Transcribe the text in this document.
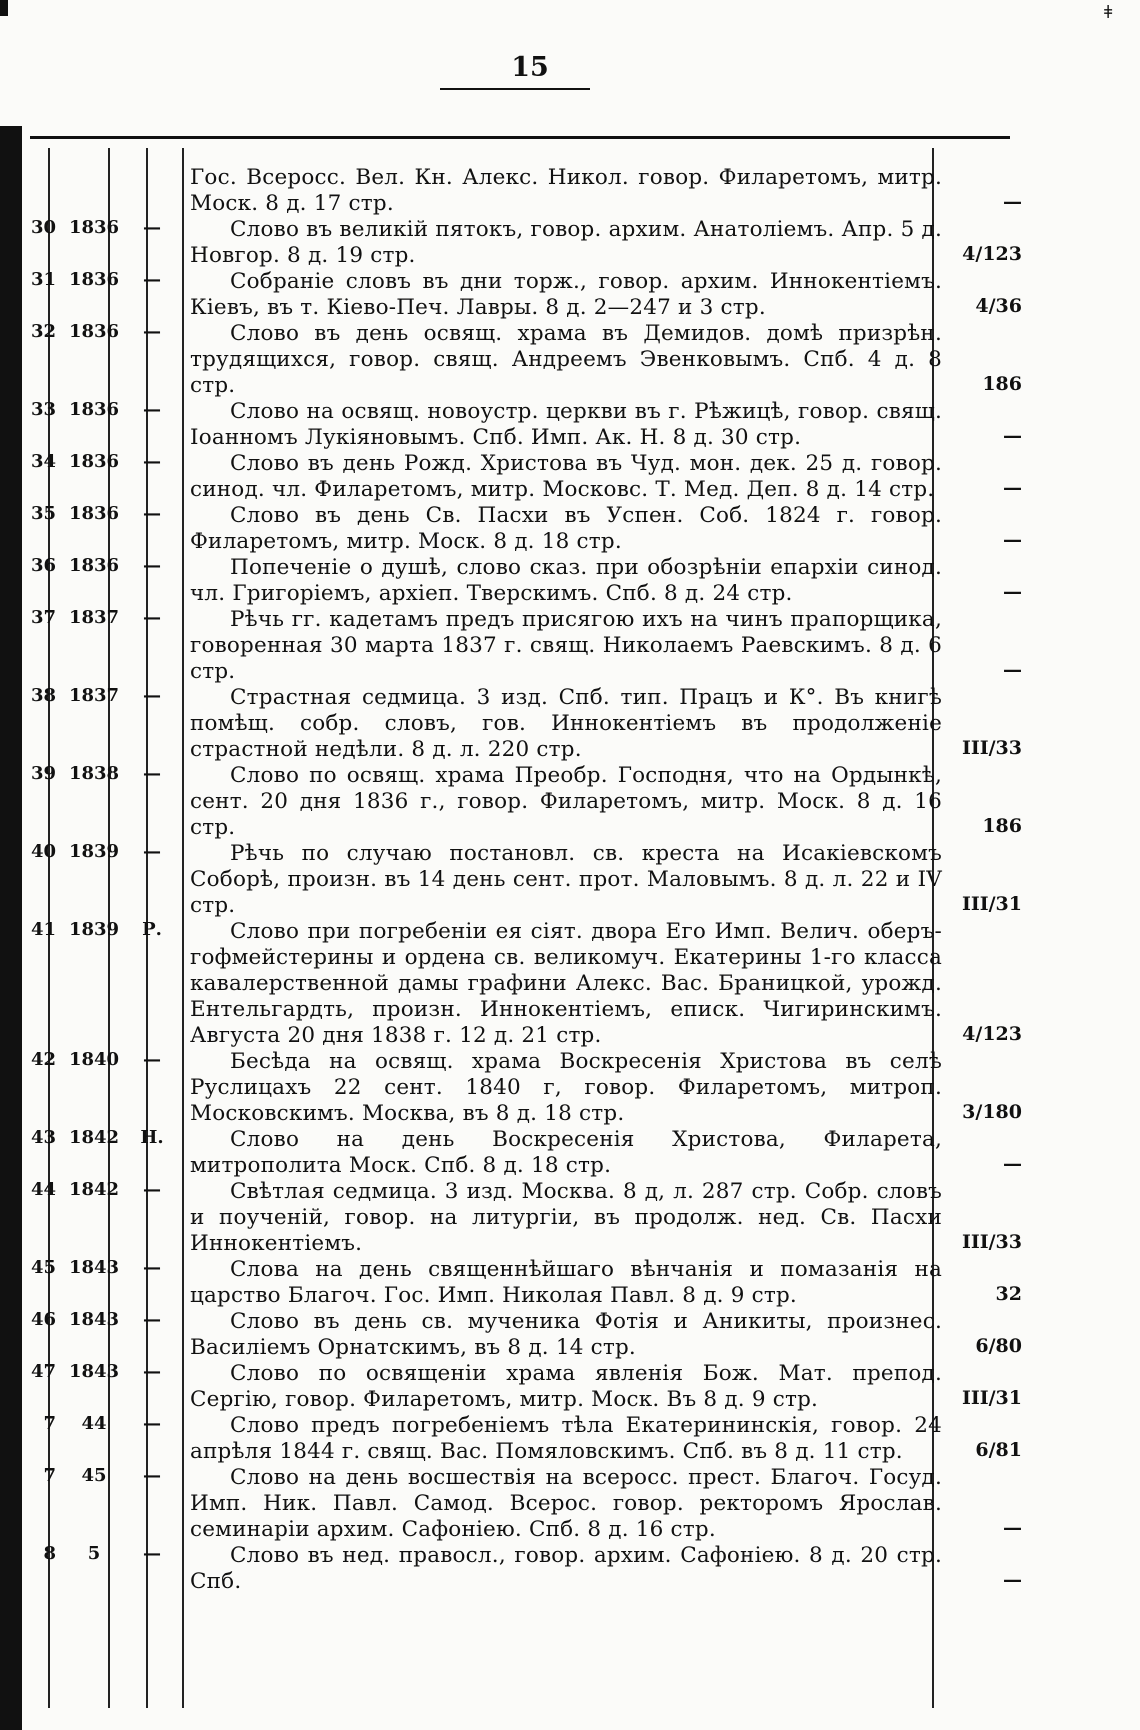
ǂ
15
Гос. Всеросс. Вел. Кн. Алекс. Никол. говор. Филаретомъ, митр. Моск. 8 д. 17 стр.	—
30 1836	—	Слово въ великій пятокъ, говор. архим. Анатоліемъ. Апр. 5 д. Новгор. 8 д. 19 стр.	4/123
31 1836	—	Собраніе словъ въ дни торж., говор. архим. Иннокентіемъ. Кіевъ, въ т. Кіево-Печ. Лавры. 8 д. 2—247 и 3 стр.	4/36
32 1836	—	Слово въ день освящ. храма въ Демидов. домѣ призрѣн. трудящихся, говор. свящ. Андреемъ Эвенковымъ. Спб. 4 д. 8 стр.	186
33 1836	—	Слово на освящ. новоустр. церкви въ г. Рѣжицѣ, говор. свящ. Іоанномъ Лукіяновымъ. Спб. Имп. Ак. Н. 8 д. 30 стр.	—
34 1836	—	Слово въ день Рожд. Христова въ Чуд. мон. дек. 25 д. говор. синод. чл. Филаретомъ, митр. Московс. Т. Мед. Деп. 8 д. 14 стр.	—
35 1836	—	Слово въ день Св. Пасхи въ Успен. Соб. 1824 г. говор. Филаретомъ, митр. Моск. 8 д. 18 стр.	—
36 1836	—	Попеченіе о душѣ, слово сказ. при обозрѣніи епархіи синод. чл. Григоріемъ, архіеп. Тверскимъ. Спб. 8 д. 24 стр.	—
37 1837	—	Рѣчь гг. кадетамъ предъ присягою ихъ на чинъ прапорщика, говоренная 30 марта 1837 г. свящ. Николаемъ Раевскимъ. 8 д. 6 стр.	—
38 1837	—	Страстная седмица. 3 изд. Спб. тип. Працъ и К°. Въ книгѣ помѣщ. собр. словъ, гов. Иннокентіемъ въ продолженіе страстной недѣли. 8 д. л. 220 стр.	III/33
39 1838	—	Слово по освящ. храма Преобр. Господня, что на Ордынкѣ, сент. 20 дня 1836 г., говор. Филаретомъ, митр. Моск. 8 д. 16 стр.	186
40 1839	—	Рѣчь по случаю постановл. св. креста на Исакіевскомъ Соборѣ, произн. въ 14 день сент. прот. Маловымъ. 8 д. л. 22 и IV стр.	III/31
41 1839	Р.	Слово при погребеніи ея сіят. двора Его Имп. Велич. оберъ-гофмейстерины и ордена св. великомуч. Екатерины 1-го класса кавалерственной дамы графини Алекс. Вас. Браницкой, урожд. Ентельгардть, произн. Иннокентіемъ, еписк. Чигиринскимъ. Августа 20 дня 1838 г. 12 д. 21 стр.	4/123
42 1840	—	Бесѣда на освящ. храма Воскресенія Христова въ селѣ Руслицахъ 22 сент. 1840 г, говор. Филаретомъ, митроп. Московскимъ. Москва, въ 8 д. 18 стр.	3/180
43 1842	Н.	Слово на день Воскресенія Христова, Филарета, митрополита Моск. Спб. 8 д. 18 стр.	—
44 1842	—	Свѣтлая седмица. 3 изд. Москва. 8 д, л. 287 стр. Собр. словъ и поученій, говор. на литургіи, въ продолж. нед. Св. Пасхи Иннокентіемъ.	III/33
45 1843	—	Слова на день священнѣйшаго вѣнчанія и помазанія на царство Благоч. Гос. Имп. Николая Павл. 8 д. 9 стр.	32
46 1843	—	Слово въ день св. мученика Фотія и Аникиты, произнес. Василіемъ Орнатскимъ, въ 8 д. 14 стр.	6/80
47 1843	—	Слово по освященіи храма явленія Бож. Мат. препод. Сергію, говор. Филаретомъ, митр. Моск. Въ 8 д. 9 стр.	III/31
7	44	—	Слово предъ погребеніемъ тѣла Екатерининскія, говор. 24 апрѣля 1844 г. свящ. Вас. Помяловскимъ. Спб. въ 8 д. 11 стр.	6/81
7	45	—	Слово на день восшествія на всеросс. прест. Благоч. Госуд. Имп. Ник. Павл. Самод. Всерос. говор. ректоромъ Ярослав. семинаріи архим. Сафоніею. Спб. 8 д. 16 стр.	—
8	5	—	Слово въ нед. правосл., говор. архим. Сафоніею. 8 д. 20 стр. Спб.	—
